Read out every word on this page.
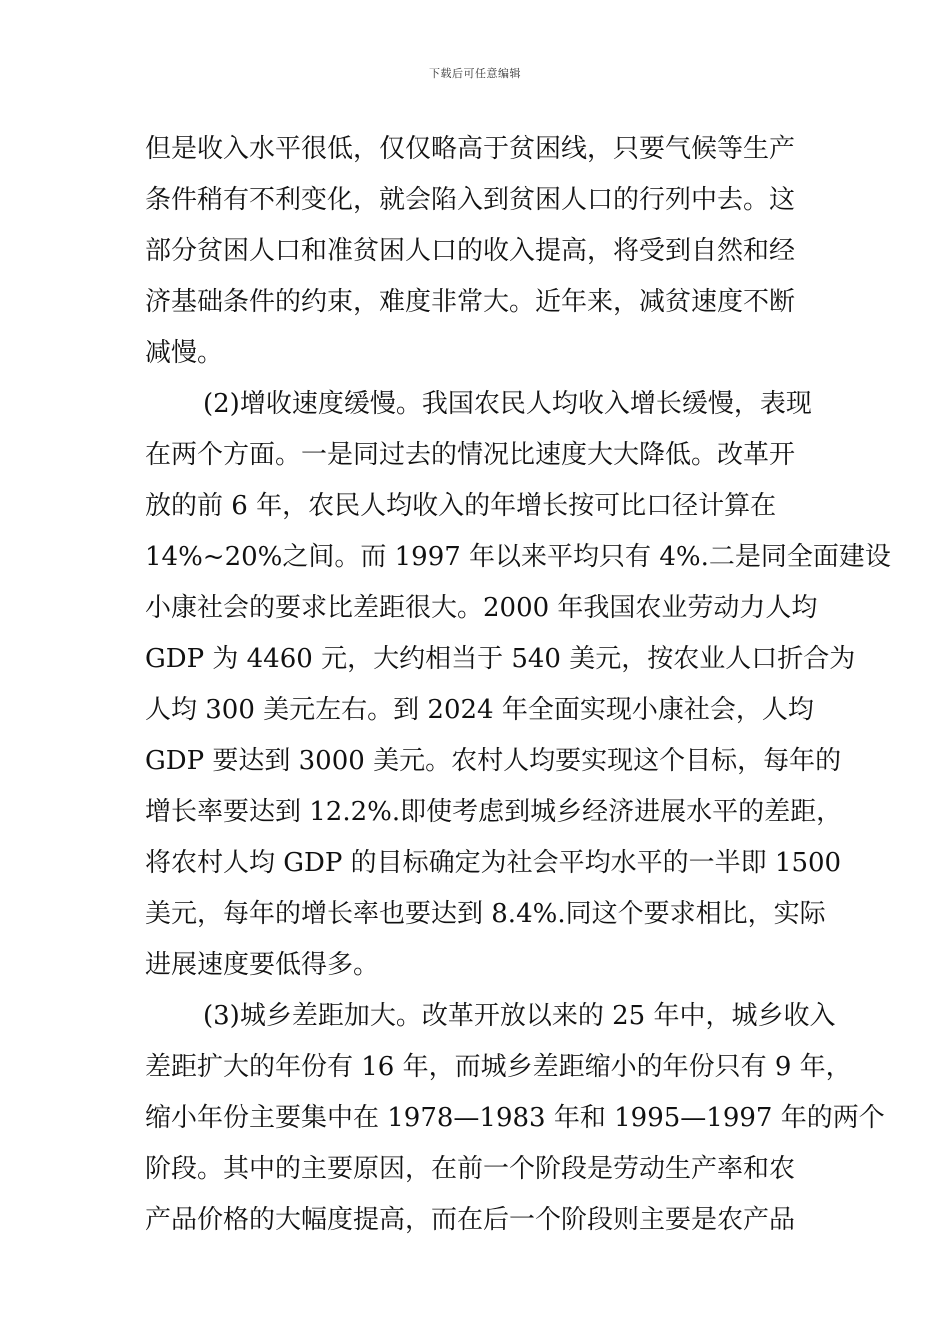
下载后可任意编辑
但是收入水平很低，仅仅略高于贫困线，只要气候等生产
条件稍有不利变化，就会陷入到贫困人口的行列中去。这
部分贫困人口和准贫困人口的收入提高，将受到自然和经
济基础条件的约束，难度非常大。近年来，减贫速度不断
减慢。
(2)增收速度缓慢。我国农民人均收入增长缓慢，表现
在两个方面。一是同过去的情况比速度大大降低。改革开
放的前 6 年，农民人均收入的年增长按可比口径计算在
14%~20%之间。而 1997 年以来平均只有 4%.二是同全面建设
小康社会的要求比差距很大。2000 年我国农业劳动力人均
GDP 为 4460 元，大约相当于 540 美元，按农业人口折合为
人均 300 美元左右。到 2024 年全面实现小康社会，人均
GDP 要达到 3000 美元。农村人均要实现这个目标，每年的
增长率要达到 12.2%.即使考虑到城乡经济进展水平的差距，
将农村人均 GDP 的目标确定为社会平均水平的一半即 1500
美元，每年的增长率也要达到 8.4%.同这个要求相比，实际
进展速度要低得多。
(3)城乡差距加大。改革开放以来的 25 年中，城乡收入
差距扩大的年份有 16 年，而城乡差距缩小的年份只有 9 年，
缩小年份主要集中在 1978—1983 年和 1995—1997 年的两个
阶段。其中的主要原因，在前一个阶段是劳动生产率和农
产品价格的大幅度提高，而在后一个阶段则主要是农产品
